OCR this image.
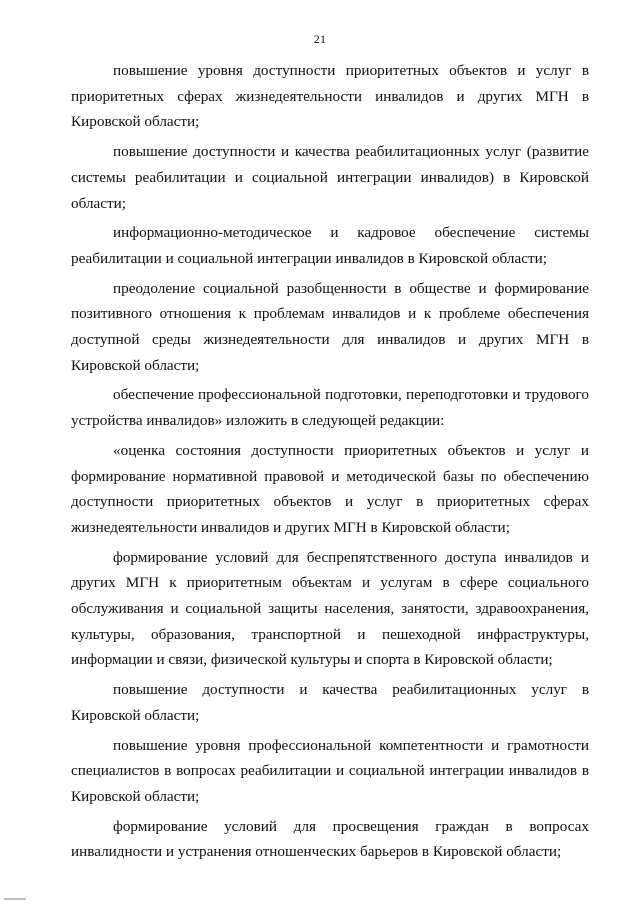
21

повышение уровня доступности приоритетных объектов и услуг в приоритетных сферах жизнедеятельности инвалидов и других МГН в Кировской области;

повышение доступности и качества реабилитационных услуг (развитие системы реабилитации и социальной интеграции инвалидов) в Кировской области;

информационно-методическое и кадровое обеспечение системы реабилитации и социальной интеграции инвалидов в Кировской области;

преодоление социальной разобщенности в обществе и формирование позитивного отношения к проблемам инвалидов и к проблеме обеспечения доступной среды жизнедеятельности для инвалидов и других МГН в Кировской области;

обеспечение профессиональной подготовки, переподготовки и трудового устройства инвалидов» изложить в следующей редакции:

«оценка состояния доступности приоритетных объектов и услуг и формирование нормативной правовой и методической базы по обеспечению доступности приоритетных объектов и услуг в приоритетных сферах жизнедеятельности инвалидов и других МГН в Кировской области;

формирование условий для беспрепятственного доступа инвалидов и других МГН к приоритетным объектам и услугам в сфере социального обслуживания и социальной защиты населения, занятости, здравоохранения, культуры, образования, транспортной и пешеходной инфраструктуры, информации и связи, физической культуры и спорта в Кировской области;

повышение доступности и качества реабилитационных услуг в Кировской области;

повышение уровня профессиональной компетентности и грамотности специалистов в вопросах реабилитации и социальной интеграции инвалидов в Кировской области;

формирование условий для просвещения граждан в вопросах инвалидности и устранения отношенческих барьеров в Кировской области;
